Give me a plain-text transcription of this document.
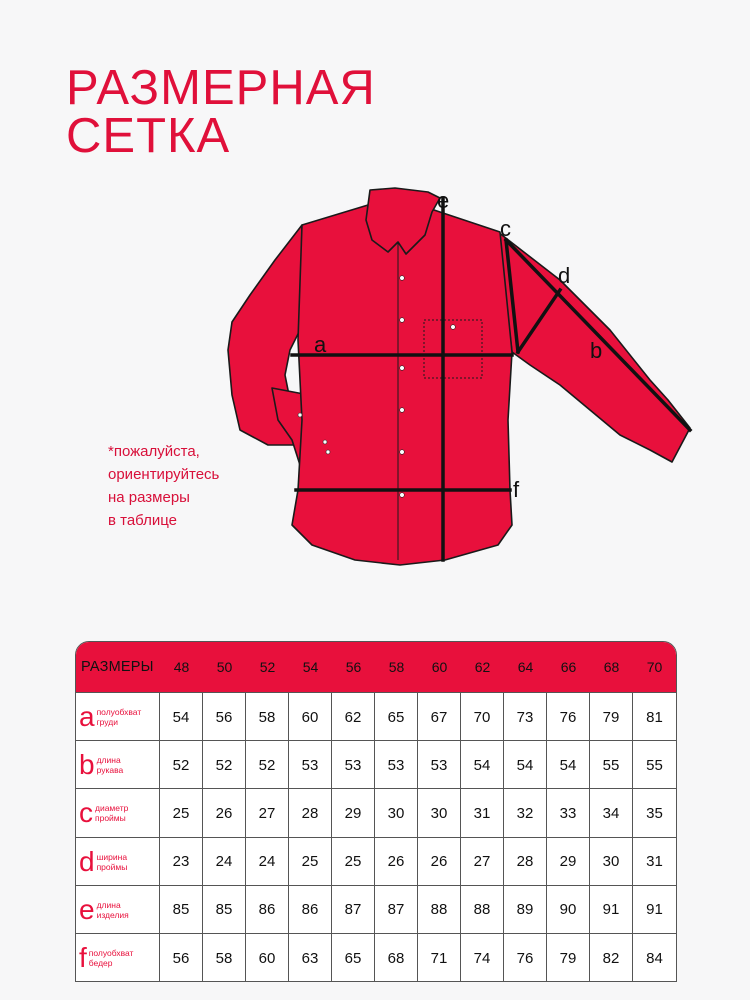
РАЗМЕРНАЯ
СЕТКА
a
e
c
d
b
f
*пожалуйста,
ориентируйтесь
на размеры
в таблице
РАЗМЕРЫ	48	50	52	54	56	58	60	62	64	66	68	70
a полуобхват
груди	54	56	58	60	62	65	67	70	73	76	79	81
b длина
рукава	52	52	52	53	53	53	53	54	54	54	55	55
c диаметр
проймы	25	26	27	28	29	30	30	31	32	33	34	35
d ширина
проймы	23	24	24	25	25	26	26	27	28	29	30	31
e длина
изделия	85	85	86	86	87	87	88	88	89	90	91	91
f полуобхват
бедер	56	58	60	63	65	68	71	74	76	79	82	84
